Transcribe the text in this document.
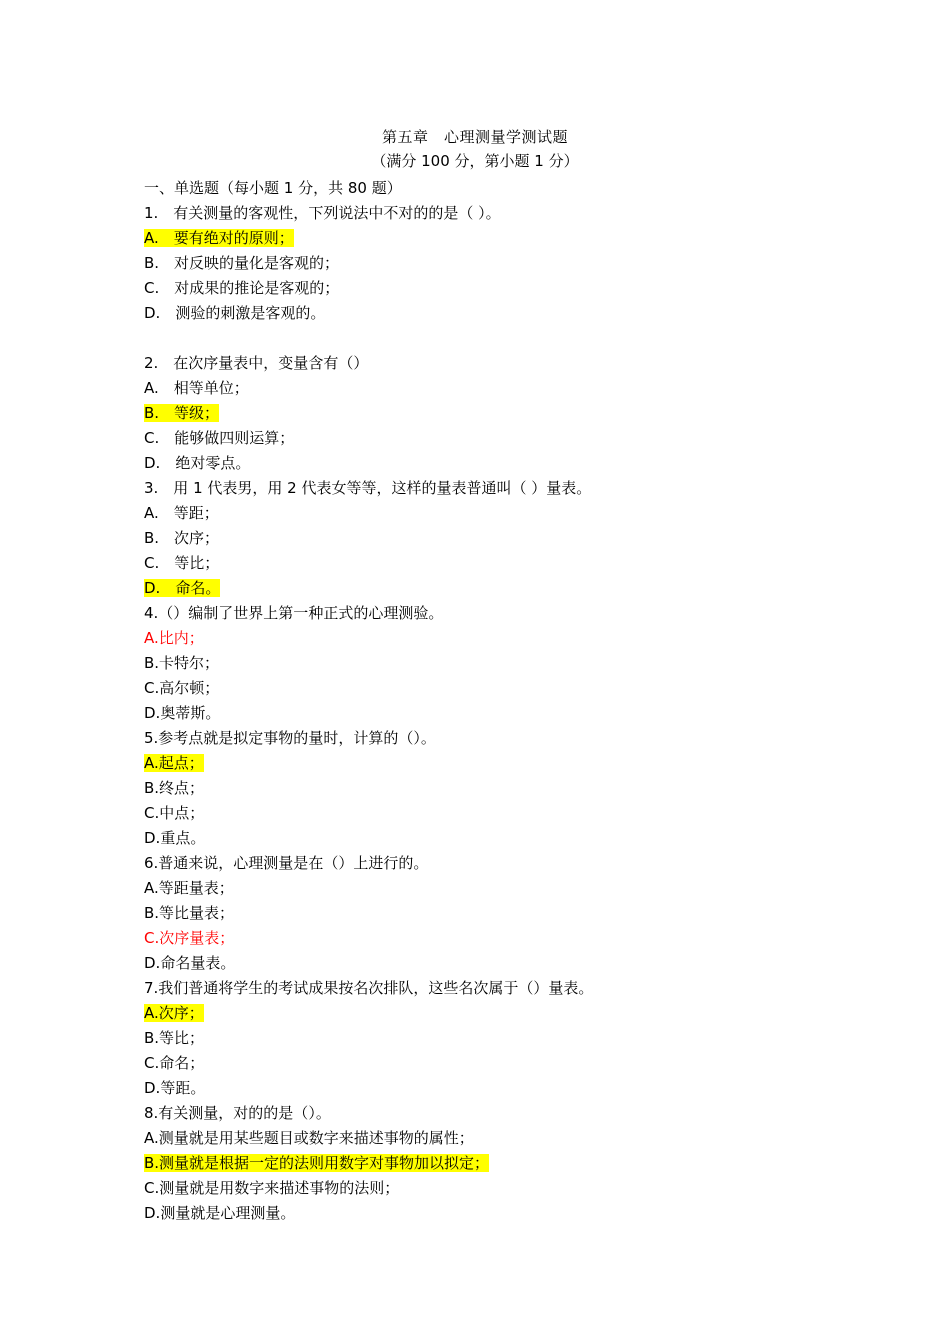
第五章　心理测量学测试题
（满分 100 分，第小题 1 分）
一、单选题（每小题 1 分，共 80 题）
1.　有关测量的客观性，下列说法中不对的的是（ ）。
A.　要有绝对的原则；
B.　对反映的量化是客观的；
C.　对成果的推论是客观的；
D.　测验的刺激是客观的。
2.　在次序量表中，变量含有（）
A.　相等单位；
B.　等级；
C.　能够做四则运算；
D.　绝对零点。
3.　用 1 代表男，用 2 代表女等等，这样的量表普通叫（ ）量表。
A.　等距；
B.　次序；
C.　等比；
D.　命名。
4.（）编制了世界上第一种正式的心理测验。
A.比内；
B.卡特尔；
C.高尔顿；
D.奥蒂斯。
5.参考点就是拟定事物的量时，计算的（）。
A.起点；
B.终点；
C.中点；
D.重点。
6.普通来说，心理测量是在（）上进行的。
A.等距量表；
B.等比量表；
C.次序量表；
D.命名量表。
7.我们普通将学生的考试成果按名次排队，这些名次属于（）量表。
A.次序；
B.等比；
C.命名；
D.等距。
8.有关测量，对的的是（）。
A.测量就是用某些题目或数字来描述事物的属性；
B.测量就是根据一定的法则用数字对事物加以拟定；
C.测量就是用数字来描述事物的法则；
D.测量就是心理测量。
